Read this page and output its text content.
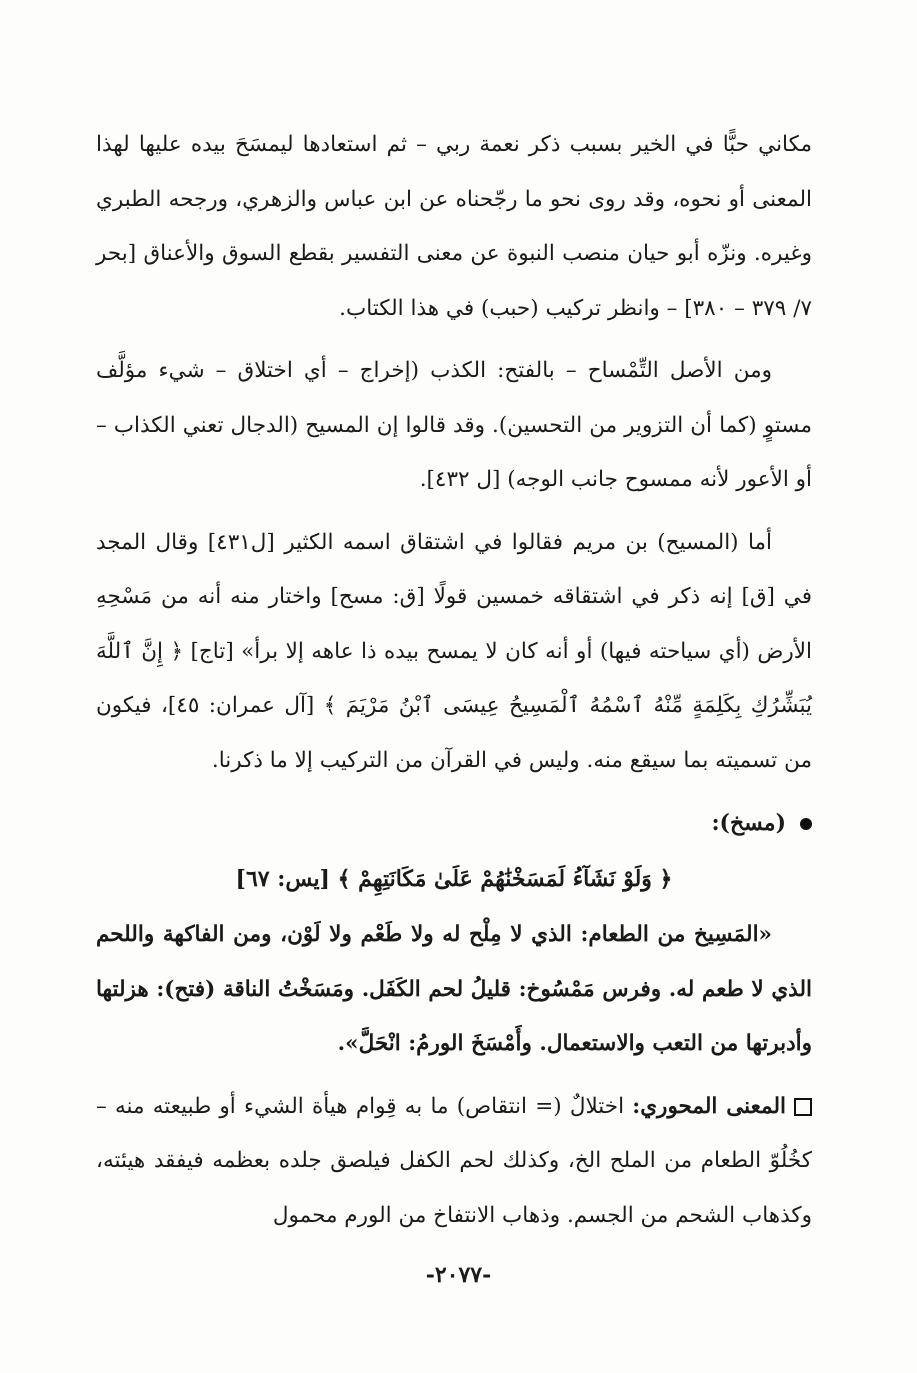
مكاني حبًّا في الخير بسبب ذكر نعمة ربي – ثم استعادها ليمسَحَ بيده عليها لهذا المعنى أو نحوه، وقد روى نحو ما رجّحناه عن ابن عباس والزهري، ورجحه الطبري وغيره. ونزّه أبو حيان منصب النبوة عن معنى التفسير بقطع السوق والأعناق [بحر ٧/ ٣٧٩ – ٣٨٠] – وانظر تركيب (حبب) في هذا الكتاب.

ومن الأصل التِّمْساح – بالفتح: الكذب (إخراج – أي اختلاق – شيء مؤلَّف مستوٍ (كما أن التزوير من التحسين). وقد قالوا إن المسيح (الدجال تعني الكذاب – أو الأعور لأنه ممسوح جانب الوجه) [ل ٤٣٢].

أما (المسيح) بن مريم فقالوا في اشتقاق اسمه الكثير [ل٤٣١] وقال المجد في [ق] إنه ذكر في اشتقاقه خمسين قولًا [ق: مسح] واختار منه أنه من مَسْحِهِ الأرض (أي سياحته فيها) أو أنه كان لا يمسح بيده ذا عاهه إلا برأ» [تاج] ﴿ إِنَّ ٱللَّهَ يُبَشِّرُكِ بِكَلِمَةٍ مِّنْهُ ٱسْمُهُ ٱلْمَسِيحُ عِيسَى ٱبْنُ مَرْيَمَ ﴾ [آل عمران: ٤٥]، فيكون من تسميته بما سيقع منه. وليس في القرآن من التركيب إلا ما ذكرنا.

(مسخ):

﴿ وَلَوْ نَشَآءُ لَمَسَخْنَٰهُمْ عَلَىٰ مَكَانَتِهِمْ ﴾ [يس: ٦٧]

«المَسِيخ من الطعام: الذي لا مِلْح له ولا طَعْم ولا لَوْن، ومن الفاكهة واللحم الذي لا طعم له. وفرس مَمْسُوخ: قليلُ لحم الكَفَل. ومَسَخْتُ الناقة (فتح): هزلتها وأدبرتها من التعب والاستعمال. وأَمْسَخَ الورمُ: انْحَلَّ».

المعنى المحوري: اختلالٌ (= انتقاص) ما به قِوام هيأة الشيء أو طبيعته منه – كخُلُوّ الطعام من الملح الخ، وكذلك لحم الكفل فيلصق جلده بعظمه فيفقد هيئته، وكذهاب الشحم من الجسم. وذهاب الانتفاخ من الورم محمول

-٢٠٧٧-
